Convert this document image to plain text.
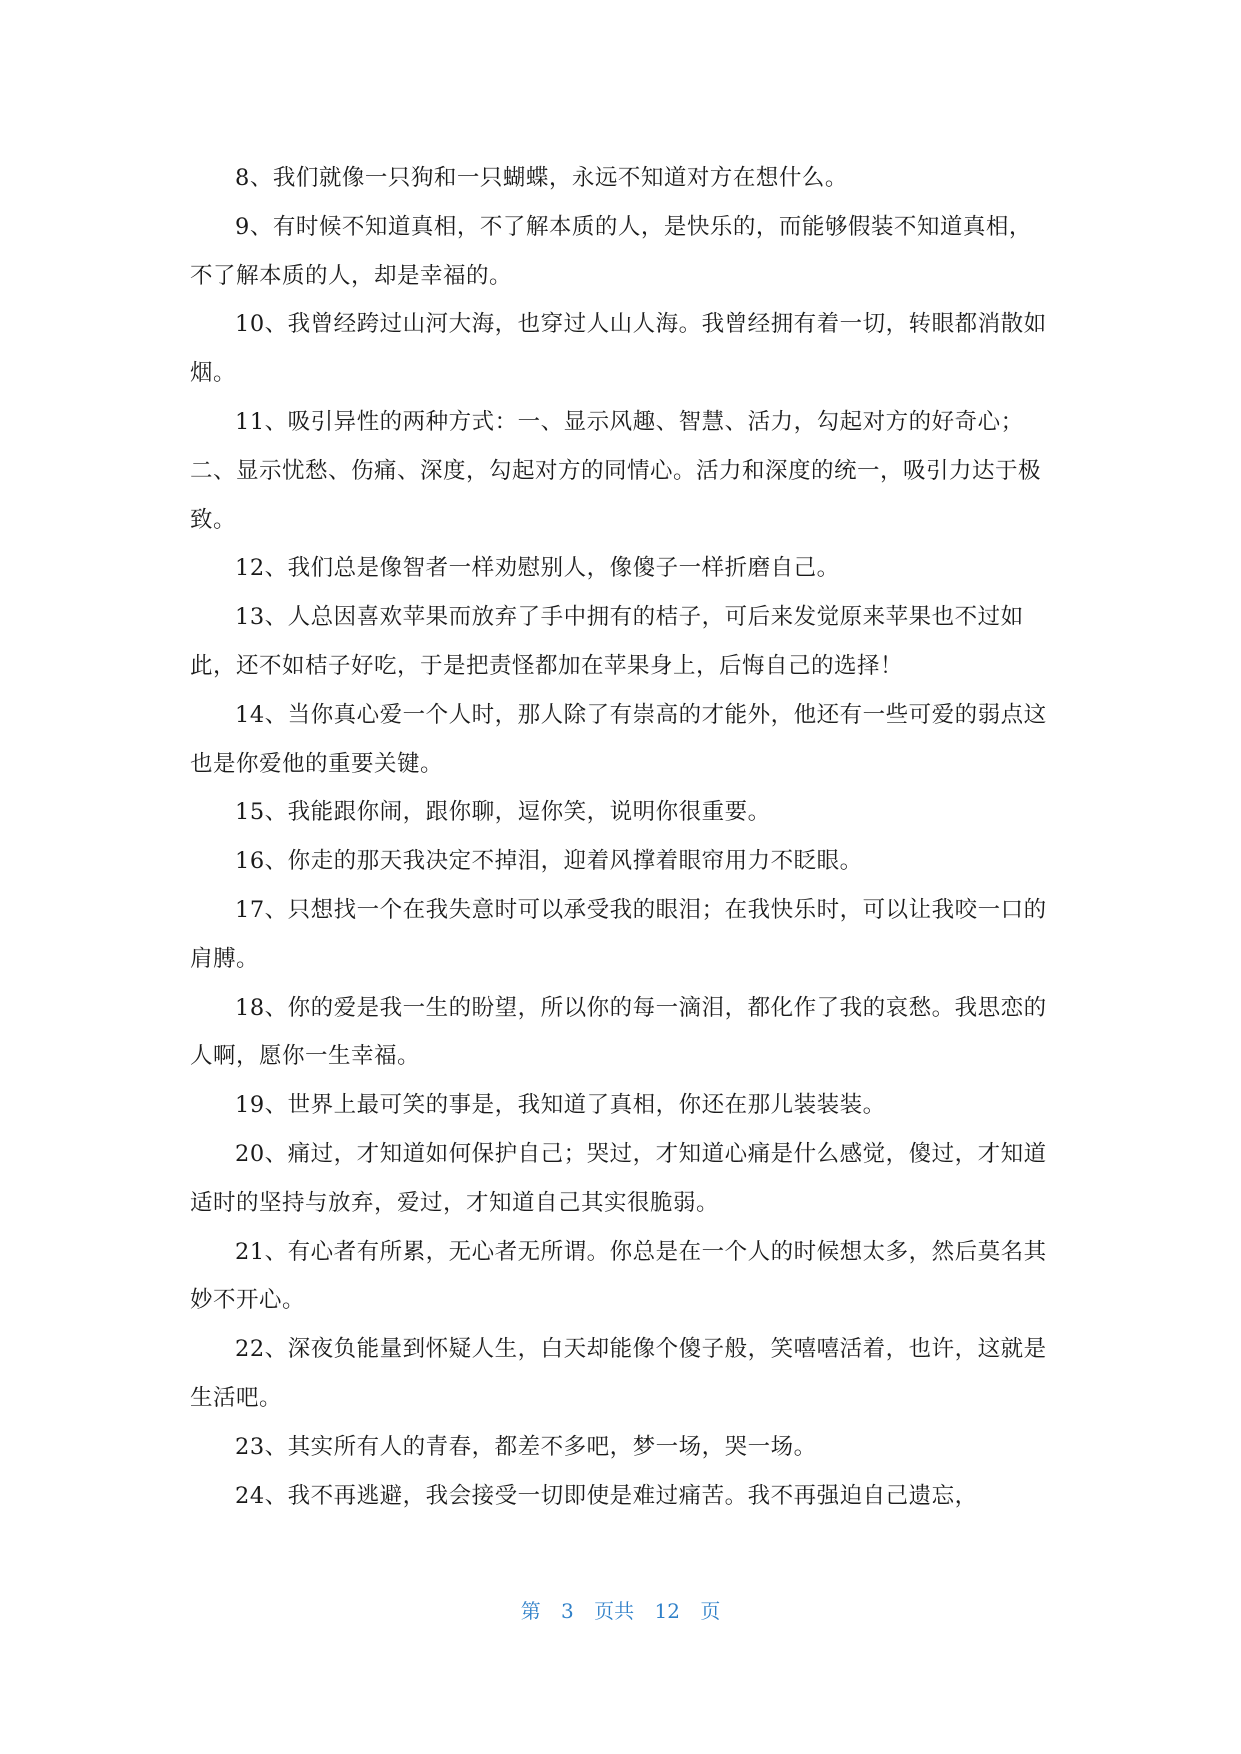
8、我们就像一只狗和一只蝴蝶，永远不知道对方在想什么。

9、有时候不知道真相，不了解本质的人，是快乐的，而能够假装不知道真相，不了解本质的人，却是幸福的。

10、我曾经跨过山河大海，也穿过人山人海。我曾经拥有着一切，转眼都消散如烟。

11、吸引异性的两种方式：一、显示风趣、智慧、活力，勾起对方的好奇心；二、显示忧愁、伤痛、深度，勾起对方的同情心。活力和深度的统一，吸引力达于极致。

12、我们总是像智者一样劝慰别人，像傻子一样折磨自己。

13、人总因喜欢苹果而放弃了手中拥有的桔子，可后来发觉原来苹果也不过如此，还不如桔子好吃，于是把责怪都加在苹果身上，后悔自己的选择！

14、当你真心爱一个人时，那人除了有崇高的才能外，他还有一些可爱的弱点这也是你爱他的重要关键。

15、我能跟你闹，跟你聊，逗你笑，说明你很重要。

16、你走的那天我决定不掉泪，迎着风撑着眼帘用力不眨眼。

17、只想找一个在我失意时可以承受我的眼泪；在我快乐时，可以让我咬一口的肩膊。

18、你的爱是我一生的盼望，所以你的每一滴泪，都化作了我的哀愁。我思恋的人啊，愿你一生幸福。

19、世界上最可笑的事是，我知道了真相，你还在那儿装装装。

20、痛过，才知道如何保护自己；哭过，才知道心痛是什么感觉，傻过，才知道适时的坚持与放弃，爱过，才知道自己其实很脆弱。

21、有心者有所累，无心者无所谓。你总是在一个人的时候想太多，然后莫名其妙不开心。

22、深夜负能量到怀疑人生，白天却能像个傻子般，笑嘻嘻活着，也许，这就是生活吧。

23、其实所有人的青春，都差不多吧，梦一场，哭一场。

24、我不再逃避，我会接受一切即使是难过痛苦。我不再强迫自己遗忘，

第 3 页共 12 页
